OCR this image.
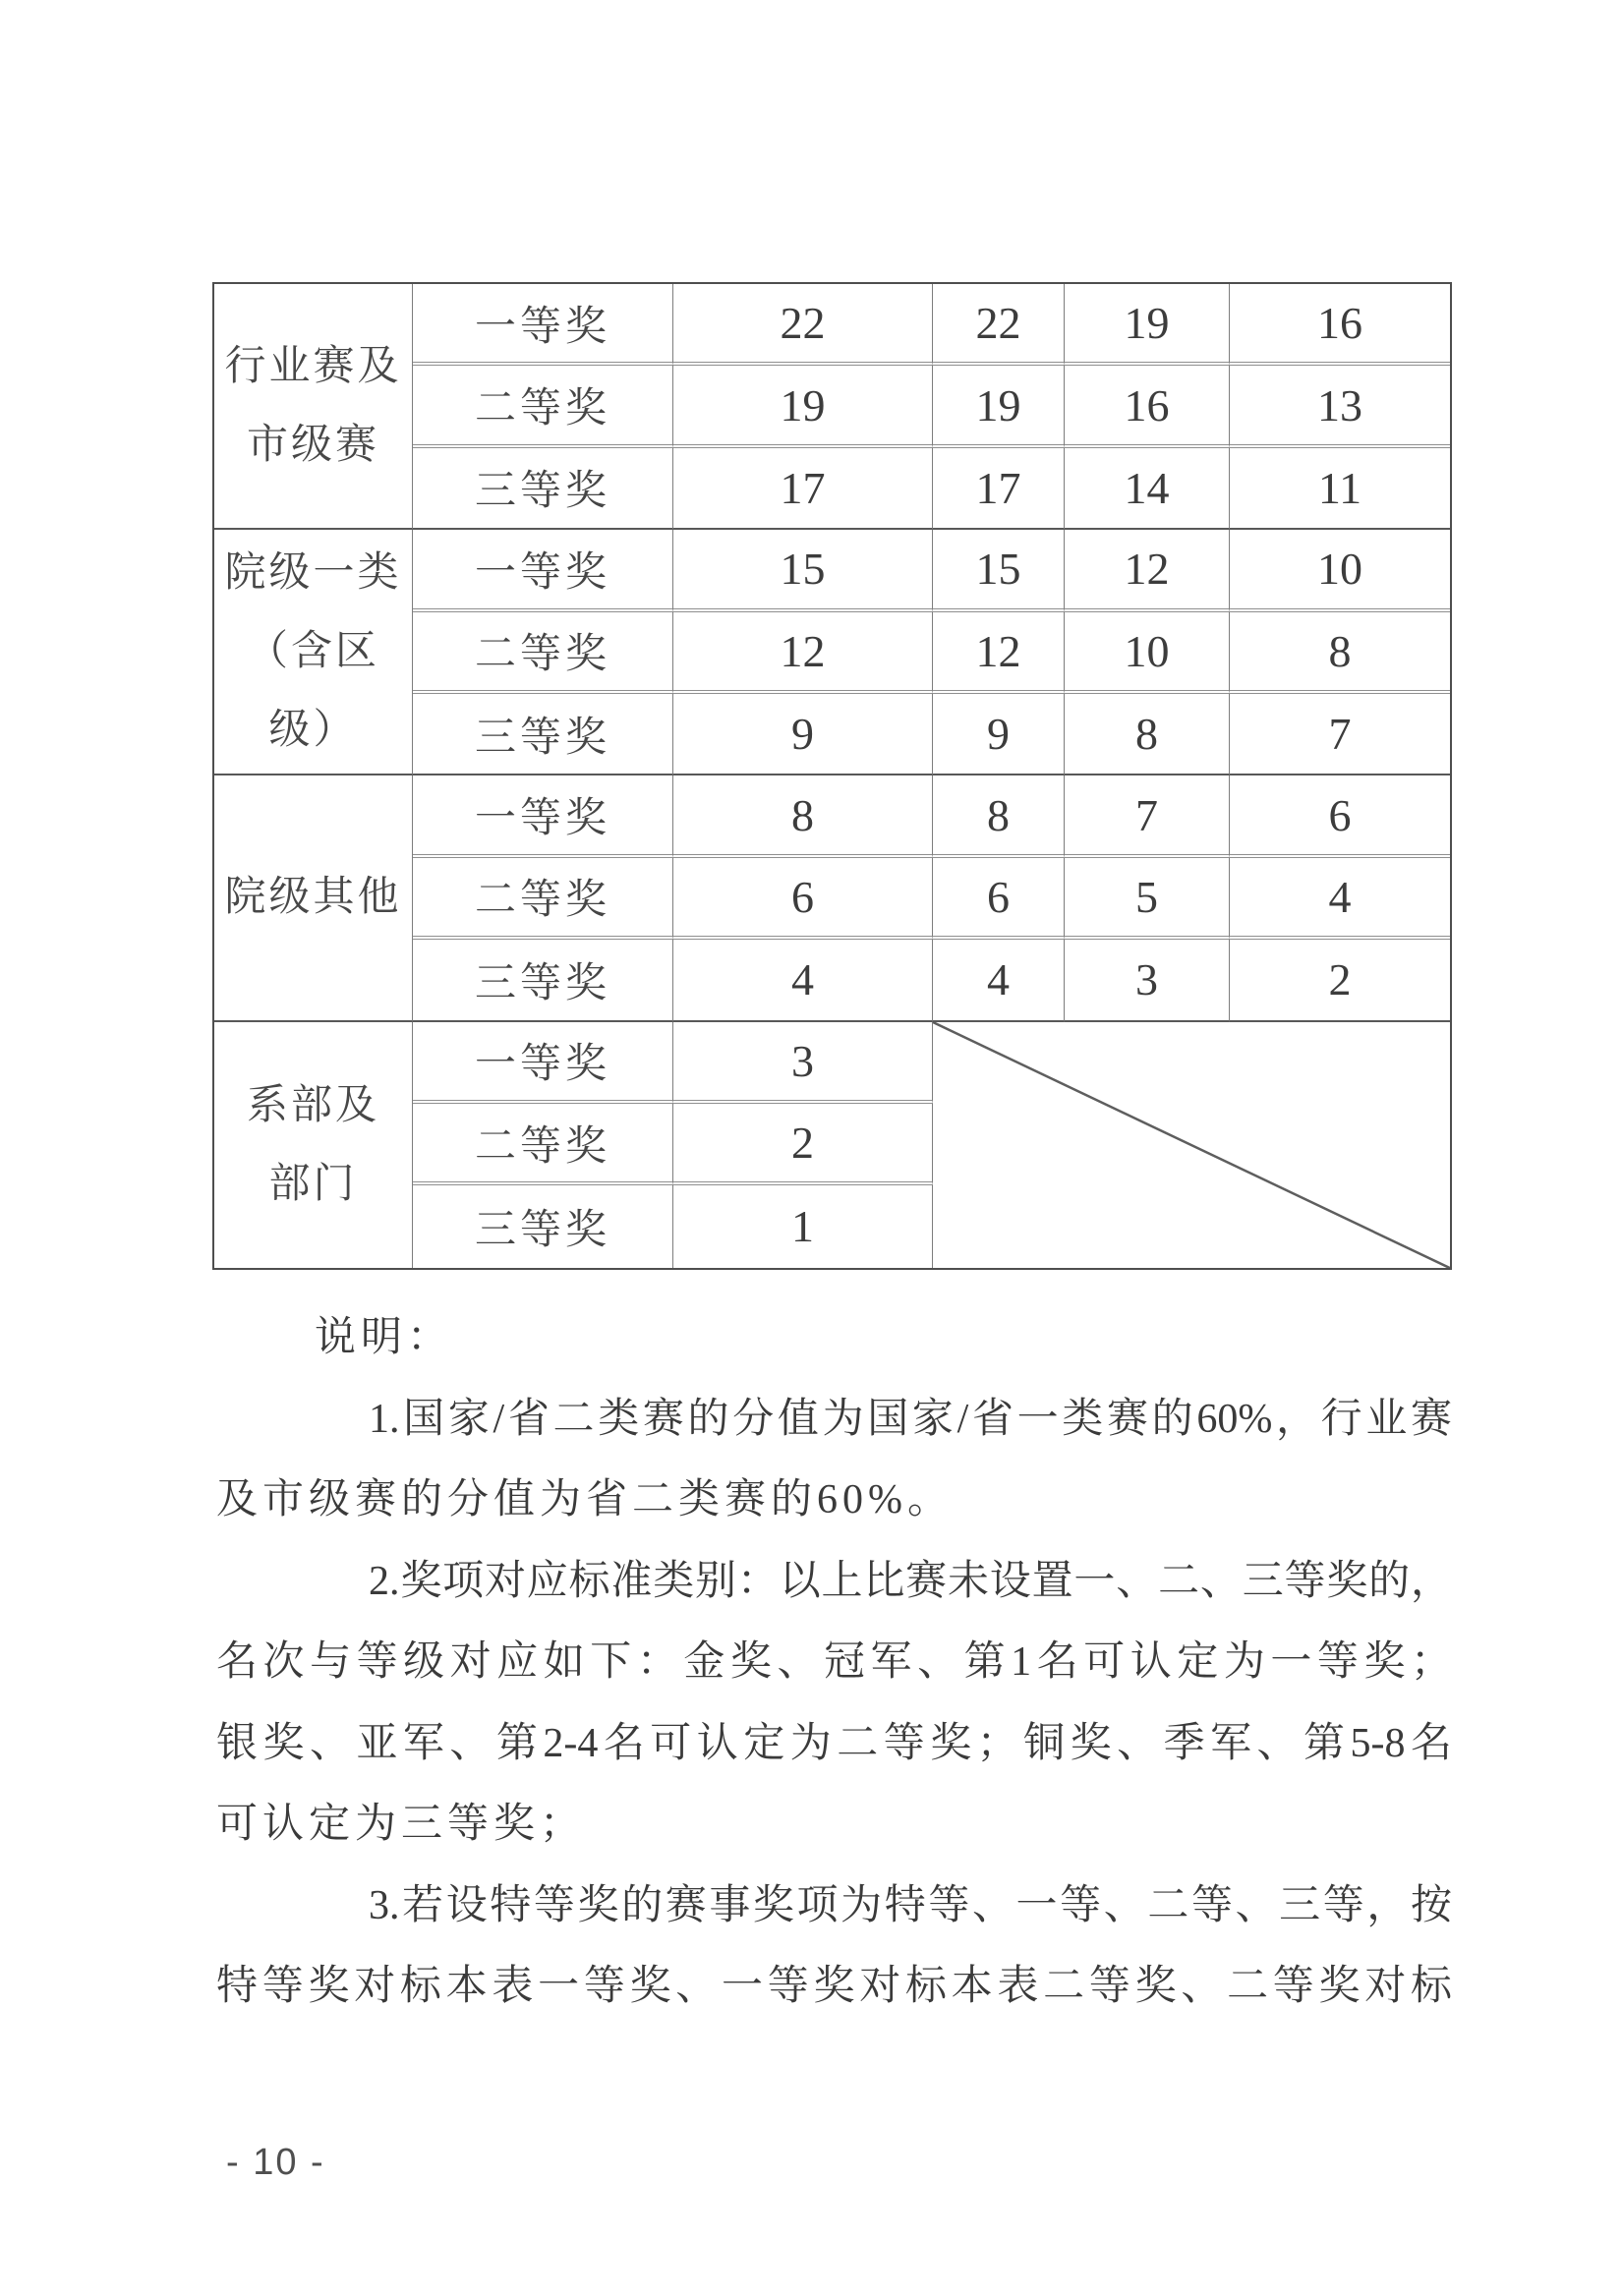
行业赛及
市级赛
一等奖	22	22	19	16
二等奖	19	19	16	13
三等奖	17	17	14	11
院级一类
（含区级）
一等奖	15	15	12	10
二等奖	12	12	10	8
三等奖	9	9	8	7
院级其他
一等奖	8	8	7	6
二等奖	6	6	5	4
三等奖	4	4	3	2
系部及
部门
一等奖	3
二等奖	2
三等奖	1
说明：
1.国家/省二类赛的分值为国家/省一类赛的60%，行业赛
及市级赛的分值为省二类赛的60%。
2.奖项对应标准类别：以上比赛未设置一、二、三等奖的，
名次与等级对应如下：金奖、冠军、第1名可认定为一等奖；
银奖、亚军、第2-4名可认定为二等奖；铜奖、季军、第5-8名
可认定为三等奖；
3.若设特等奖的赛事奖项为特等、一等、二等、三等，按
特等奖对标本表一等奖、一等奖对标本表二等奖、二等奖对标
- 10 -
